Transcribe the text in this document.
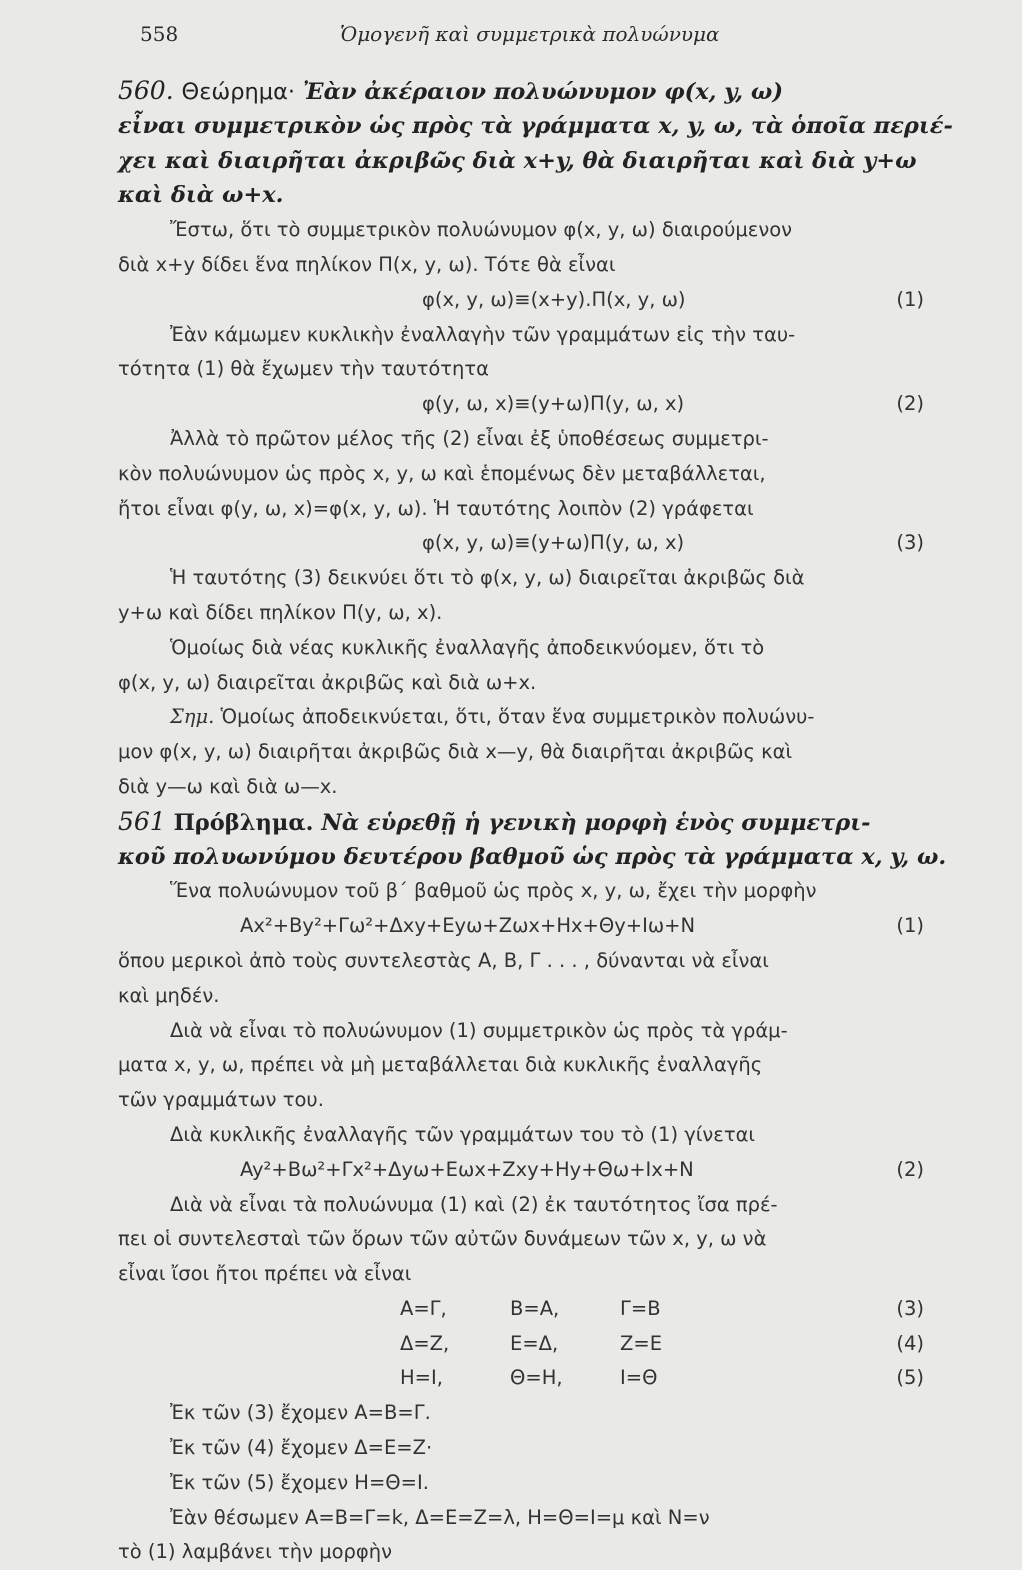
558	Ὁμογενῆ καὶ συμμετρικὰ πολυώνυμα
560. Θεώρημα· Ἐὰν ἀκέραιον πολυώνυμον φ(x, y, ω)
εἶναι συμμετρικὸν ὡς πρὸς τὰ γράμματα x, y, ω, τὰ ὁποῖα περιέ-
χει καὶ διαιρῆται ἀκριβῶς διὰ x+y, θὰ διαιρῆται καὶ διὰ y+ω
καὶ διὰ ω+x.
Ἔστω, ὅτι τὸ συμμετρικὸν πολυώνυμον φ(x, y, ω) διαιρούμενον
διὰ x+y δίδει ἕνα πηλίκον Π(x, y, ω). Τότε θὰ εἶναι
φ(x, y, ω)≡(x+y).Π(x, y, ω)	(1)
Ἐὰν κάμωμεν κυκλικὴν ἐναλλαγὴν τῶν γραμμάτων εἰς τὴν ταυ-
τότητα (1) θὰ ἔχωμεν τὴν ταυτότητα
φ(y, ω, x)≡(y+ω)Π(y, ω, x)	(2)
Ἀλλὰ τὸ πρῶτον μέλος τῆς (2) εἶναι ἐξ ὑποθέσεως συμμετρι-
κὸν πολυώνυμον ὡς πρὸς x, y, ω καὶ ἑπομένως δὲν μεταβάλλεται,
ἤτοι εἶναι φ(y, ω, x)=φ(x, y, ω). Ἡ ταυτότης λοιπὸν (2) γράφεται
φ(x, y, ω)≡(y+ω)Π(y, ω, x)	(3)
Ἡ ταυτότης (3) δεικνύει ὅτι τὸ φ(x, y, ω) διαιρεῖται ἀκριβῶς διὰ
y+ω καὶ δίδει πηλίκον Π(y, ω, x).
Ὁμοίως διὰ νέας κυκλικῆς ἐναλλαγῆς ἀποδεικνύομεν, ὅτι τὸ
φ(x, y, ω) διαιρεῖται ἀκριβῶς καὶ διὰ ω+x.
Σημ. Ὁμοίως ἀποδεικνύεται, ὅτι, ὅταν ἕνα συμμετρικὸν πολυώνυ-
μον φ(x, y, ω) διαιρῆται ἀκριβῶς διὰ x—y, θὰ διαιρῆται ἀκριβῶς καὶ
διὰ y—ω καὶ διὰ ω—x.
561 Πρόβλημα. Νὰ εὑρεθῇ ἡ γενικὴ μορφὴ ἑνὸς συμμετρι-
κοῦ πολυωνύμου δευτέρου βαθμοῦ ὡς πρὸς τὰ γράμματα x, y, ω.
Ἕνα πολυώνυμον τοῦ β΄ βαθμοῦ ὡς πρὸς x, y, ω, ἔχει τὴν μορφὴν
Ax²+By²+Γω²+Δxy+Eyω+Zωx+Hx+Θy+Iω+N	(1)
ὅπου μερικοὶ ἀπὸ τοὺς συντελεστὰς A, B, Γ . . . , δύνανται νὰ εἶναι
καὶ μηδέν.
Διὰ νὰ εἶναι τὸ πολυώνυμον (1) συμμετρικὸν ὡς πρὸς τὰ γράμ-
ματα x, y, ω, πρέπει νὰ μὴ μεταβάλλεται διὰ κυκλικῆς ἐναλλαγῆς
τῶν γραμμάτων του.
Διὰ κυκλικῆς ἐναλλαγῆς τῶν γραμμάτων του τὸ (1) γίνεται
Ay²+Bω²+Γx²+Δyω+Eωx+Zxy+Hy+Θω+Ix+N	(2)
Διὰ νὰ εἶναι τὰ πολυώνυμα (1) καὶ (2) ἐκ ταυτότητος ἴσα πρέ-
πει οἱ συντελεσταὶ τῶν ὅρων τῶν αὐτῶν δυνάμεων τῶν x, y, ω νὰ
εἶναι ἴσοι ἤτοι πρέπει νὰ εἶναι
A=Γ,	B=A,	Γ=B	(3)
Δ=Z,	E=Δ,	Z=E	(4)
H=I,	Θ=H,	I=Θ	(5)
Ἐκ τῶν (3) ἔχομεν A=B=Γ.
Ἐκ τῶν (4) ἔχομεν Δ=E=Z·
Ἐκ τῶν (5) ἔχομεν H=Θ=I.
Ἐὰν θέσωμεν A=B=Γ=k, Δ=E=Z=λ, H=Θ=I=μ καὶ N=ν
τὸ (1) λαμβάνει τὴν μορφὴν
